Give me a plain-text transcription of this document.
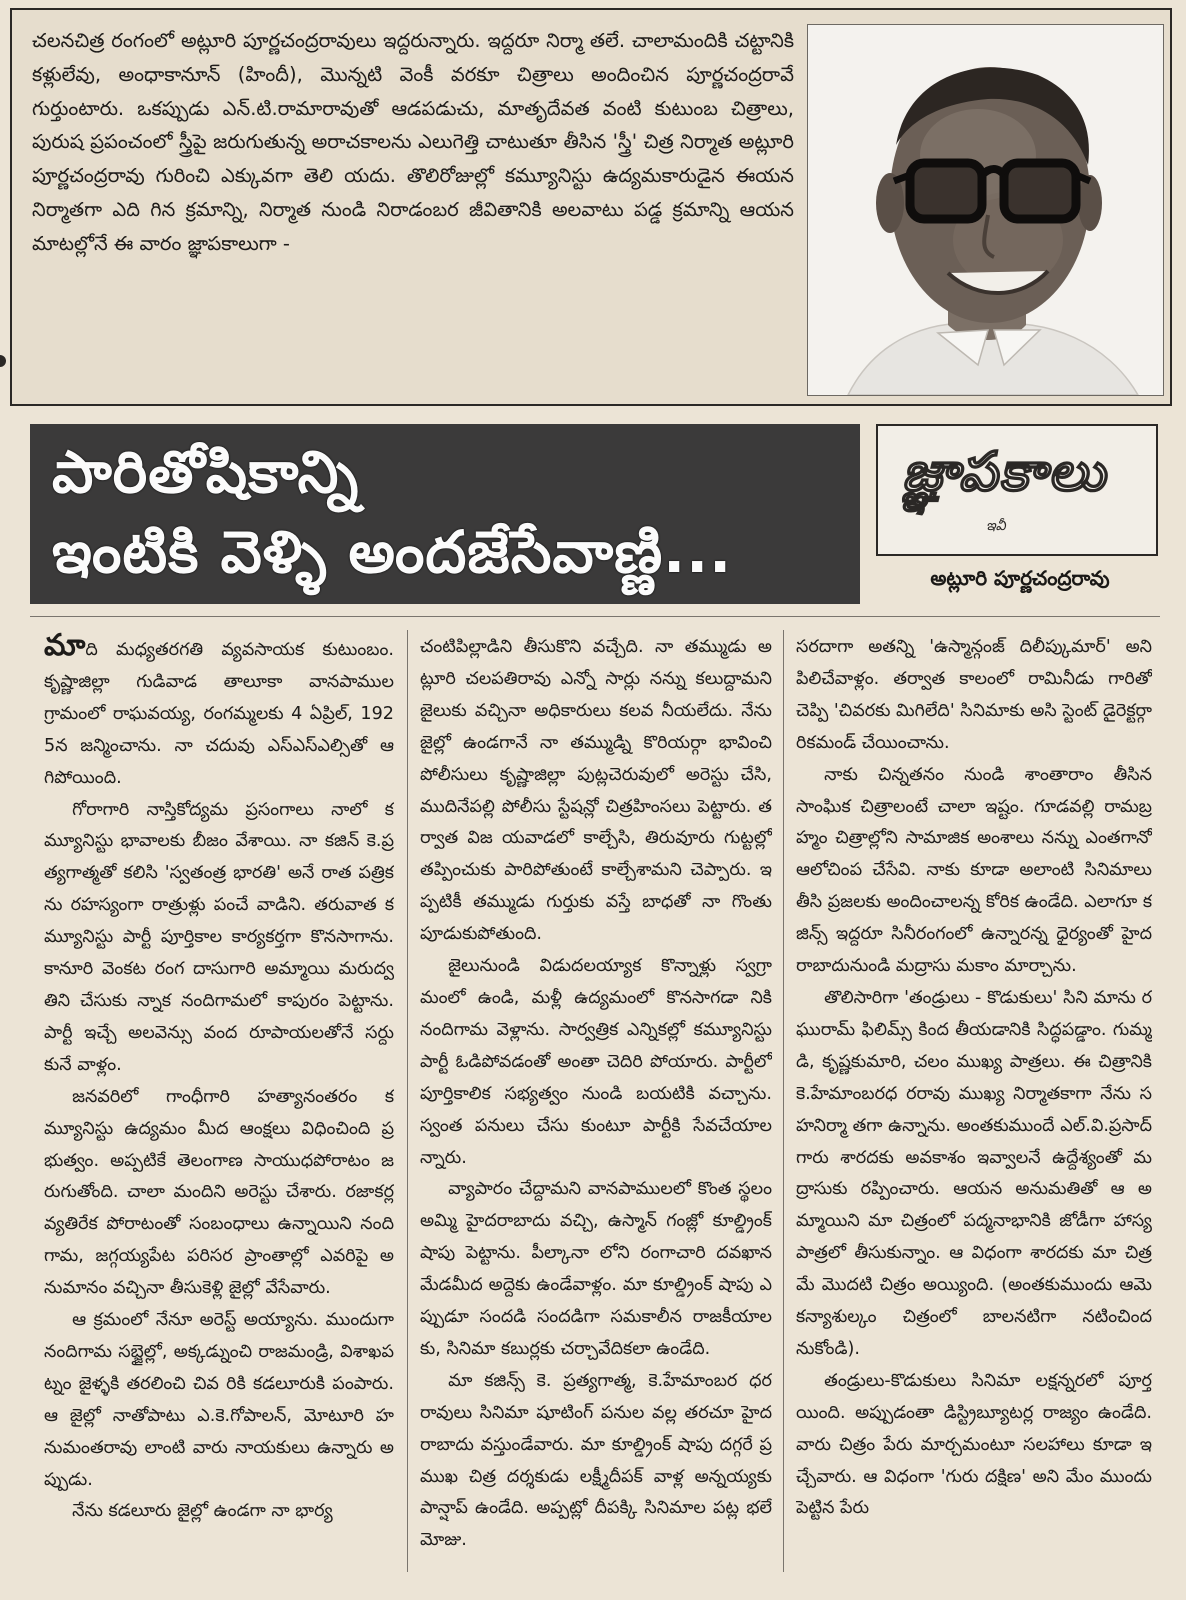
చలనచిత్ర రంగంలో అట్లూరి పూర్ణచంద్రరావులు ఇద్దరున్నారు. ఇద్దరూ నిర్మా తలే. చాలామందికి చట్టానికి కళ్లులేవు, అంధాకానూన్ (హిందీ), మొన్నటి వెంకీ వరకూ చిత్రాలు అందించిన పూర్ణచంద్రరావే గుర్తుంటారు. ఒకప్పుడు ఎన్.టి.రామారావుతో ఆడపడుచు, మాతృదేవత వంటి కుటుంబ చిత్రాలు, పురుష ప్రపంచంలో స్త్రీపై జరుగుతున్న అరాచకాలను ఎలుగెత్తి చాటుతూ తీసిన 'స్త్రీ' చిత్ర నిర్మాత అట్లూరి పూర్ణచంద్రరావు గురించి ఎక్కువగా తెలి యదు. తొలిరోజుల్లో కమ్యూనిస్టు ఉద్యమకారుడైన ఈయన నిర్మాతగా ఎది గిన క్రమాన్ని, నిర్మాత నుండి నిరాడంబర జీవితానికి అలవాటు పడ్డ క్రమాన్ని ఆయన మాటల్లోనే ఈ వారం జ్ఞాపకాలుగా -
పారితోషికాన్ని
ఇంటికి వెళ్ళి అందజేసేవాణ్ణి...
జ్ఞాపకాలు
ఇవీ
అట్లూరి పూర్ణచంద్రరావు

మాది మధ్యతరగతి వ్యవసాయక కుటుంబం. కృష్ణాజిల్లా గుడివాడ తాలూకా వానపాముల గ్రామంలో రాఘవయ్య, రంగమ్మలకు 4 ఏప్రిల్, 1925న జన్మించాను. నా చదువు ఎస్ఎస్ఎల్సితో ఆగిపోయింది.

గోరాగారి నాస్తికోద్యమ ప్రసంగాలు నాలో కమ్యూనిస్టు భావాలకు బీజం వేశాయి. నా కజిన్ కె.ప్రత్యగాత్మతో కలిసి 'స్వతంత్ర భారతి' అనే రాత పత్రికను రహస్యంగా రాత్రుళ్లు పంచే వాడిని. తరువాత కమ్యూనిస్టు పార్టీ పూర్తికాల కార్యకర్తగా కొనసాగాను. కానూరి వెంకట రంగ దాసుగారి అమ్మాయి మరుద్వతిని చేసుకు న్నాక నందిగామలో కాపురం పెట్టాను. పార్టీ ఇచ్చే అలవెన్సు వంద రూపాయలతోనే సర్దు కునే వాళ్లం.

జనవరిలో గాంధీగారి హత్యానంతరం కమ్యూనిస్టు ఉద్యమం మీద ఆంక్షలు విధించింది ప్రభుత్వం. అప్పటికే తెలంగాణ సాయుధపోరాటం జరుగుతోంది. చాలా మందిని అరెస్టు చేశారు. రజాకర్ల వ్యతిరేక పోరాటంతో సంబంధాలు ఉన్నాయిని నంది గామ, జగ్గయ్యపేట పరిసర ప్రాంతాల్లో ఎవరిపై అనుమానం వచ్చినా తీసుకెళ్లి జైల్లో వేసేవారు.

ఆ క్రమంలో నేనూ అరెస్ట్ అయ్యాను. ముందుగా నందిగామ సబ్జైల్లో, అక్కడ్నుంచి రాజమండ్రి, విశాఖపట్నం జైళ్ళకి తరలించి చివ రికి కడలూరుకి పంపారు. ఆ జైల్లో నాతోపాటు ఎ.కె.గోపాలన్, మోటూరి హనుమంతరావు లాంటి వారు నాయకులు ఉన్నారు అప్పుడు.

నేను కడలూరు జైల్లో ఉండగా నా భార్య

చంటిపిల్లాడిని తీసుకొని వచ్చేది. నా తమ్ముడు అట్లూరి చలపతిరావు ఎన్నో సార్లు నన్ను కలుద్దామని జైలుకు వచ్చినా అధికారులు కలవ నీయలేదు. నేను జైల్లో ఉండగానే నా తమ్ముడ్ని కొరియర్గా భావించి పోలీసులు కృష్ణాజిల్లా పుట్లచెరువులో అరెస్టు చేసి, ముదినేపల్లి పోలీసు స్టేషన్లో చిత్రహింసలు పెట్టారు. తర్వాత విజ యవాడలో కాల్చేసి, తిరువూరు గుట్టల్లో తప్పించుకు పారిపోతుంటే కాల్చేశామని చెప్పారు. ఇప్పటికీ తమ్ముడు గుర్తుకు వస్తే బాధతో నా గొంతు పూడుకుపోతుంది.

జైలునుండి విడుదలయ్యాక కొన్నాళ్లు స్వగ్రా మంలో ఉండి, మళ్లీ ఉద్యమంలో కొనసాగడా నికి నందిగామ వెళ్లాను. సార్వత్రిక ఎన్నికల్లో కమ్యూనిస్టు పార్టీ ఓడిపోవడంతో అంతా చెదిరి పోయారు. పార్టీలో పూర్తికాలిక సభ్యత్వం నుండి బయటికి వచ్చాను. స్వంత పనులు చేసు కుంటూ పార్టీకి సేవచేయాలన్నారు.

వ్యాపారం చేద్దామని వానపాములలో కొంత స్థలం అమ్మి హైదరాబాదు వచ్చి, ఉస్మాన్ గంజ్లో కూల్డ్రింక్ షాపు పెట్టాను. పీల్కానా లోని రంగాచారి దవఖాన మేడమీద అద్దెకు ఉండేవాళ్లం. మా కూల్డ్రింక్ షాపు ఎప్పుడూ సందడి సందడిగా సమకాలీన రాజకీయాలకు, సినిమా కబుర్లకు చర్చావేదికలా ఉండేది.

మా కజిన్స్ కె. ప్రత్యగాత్మ, కె.హేమాంబర ధరరావులు సినిమా షూటింగ్ పనుల వల్ల తరచూ హైదరాబాదు వస్తుండేవారు. మా కూల్డ్రింక్ షాపు దగ్గరే ప్రముఖ చిత్ర దర్శకుడు లక్ష్మీదీపక్ వాళ్ల అన్నయ్యకు పాన్షాప్ ఉండేది. అప్పట్లో దీపక్కి సినిమాల పట్ల భలే మోజు.

సరదాగా అతన్ని 'ఉస్మాన్గంజ్ దిలీప్కుమార్' అని పిలిచేవాళ్లం. తర్వాత కాలంలో రామినీడు గారితో చెప్పి 'చివరకు మిగిలేది' సినిమాకు అసి స్టెంట్ డైరెక్టర్గా రికమండ్ చేయించాను.

నాకు చిన్నతనం నుండి శాంతారాం తీసిన సాంఘిక చిత్రాలంటే చాలా ఇష్టం. గూడవల్లి రామబ్రహ్మం చిత్రాల్లోని సామాజిక అంశాలు నన్ను ఎంతగానో ఆలోచింప చేసేవి. నాకు కూడా అలాంటి సినిమాలు తీసి ప్రజలకు అందించాలన్న కోరిక ఉండేది. ఎలాగూ కజిన్స్ ఇద్దరూ సినీరంగంలో ఉన్నారన్న ధైర్యంతో హైదరాబాదునుండి మద్రాసు మకాం మార్చాను.

తొలిసారిగా 'తండ్రులు - కొడుకులు' సిని మాను రఘురామ్ ఫిలిమ్స్ కింద తీయడానికి సిద్ధపడ్డాం. గుమ్మడి, కృష్ణకుమారి, చలం ముఖ్య పాత్రలు. ఈ చిత్రానికి కె.హేమాంబరధ రరావు ముఖ్య నిర్మాతకాగా నేను సహనిర్మా తగా ఉన్నాను. అంతకుముందే ఎల్.వి.ప్రసాద్ గారు శారదకు అవకాశం ఇవ్వాలనే ఉద్దేశ్యంతో మద్రాసుకు రప్పించారు. ఆయన అనుమతితో ఆ అమ్మాయిని మా చిత్రంలో పద్మనాభానికి జోడీగా హాస్యపాత్రలో తీసుకున్నాం. ఆ విధంగా శారదకు మా చిత్రమే మొదటి చిత్రం అయ్యింది. (అంతకుముందు ఆమె కన్యాశుల్కం చిత్రంలో బాలనటిగా నటించిందనుకోండి).

తండ్రులు-కొడుకులు సినిమా లక్షన్నరలో పూర్తయింది. అప్పుడంతా డిస్ట్రిబ్యూటర్ల రాజ్యం ఉండేది. వారు చిత్రం పేరు మార్చమంటూ సలహాలు కూడా ఇచ్చేవారు. ఆ విధంగా 'గురు దక్షిణ' అని మేం ముందు పెట్టిన పేరు
